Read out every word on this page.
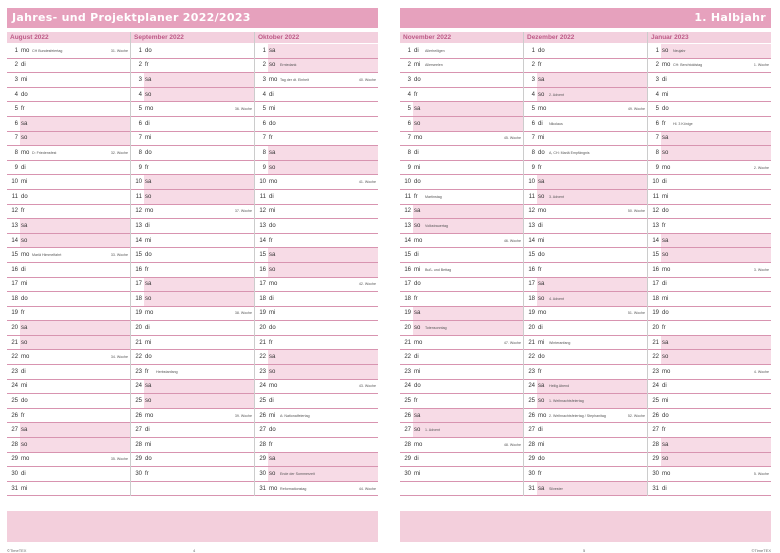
Jahres- und Projektplaner 2022/2023
August 2022
1 mo CH Bundesfeiertag	31. Woche
2 di
3 mi
4 do
5 fr
6 sa
7 so
8 mo D: Friedensfest	32. Woche
9 di
10 mi
11 do
12 fr
13 sa
14 so
15 mo Mariä Himmelfahrt	33. Woche
16 di
17 mi
18 do
19 fr
20 sa
21 so
22 mo	34. Woche
23 di
24 mi
25 do
26 fr
27 sa
28 so
29 mo	35. Woche
30 di
31 mi
September 2022
1 do
2 fr
3 sa
4 so
5 mo	36. Woche
6 di
7 mi
8 do
9 fr
10 sa
11 so
12 mo	37. Woche
13 di
14 mi
15 do
16 fr
17 sa
18 so
19 mo	38. Woche
20 di
21 mi
22 do
23 fr	Herbstanfang
24 sa
25 so
26 mo	39. Woche
27 di
28 mi
29 do
30 fr
Oktober 2022
1 sa
2 so	Erntedank
3 mo Tag der dt. Einheit	40. Woche
4 di
5 mi
6 do
7 fr
8 sa
9 so
10 mo	41. Woche
11 di
12 mi
13 do
14 fr
15 sa
16 so
17 mo	42. Woche
18 di
19 mi
20 do
21 fr
22 sa
23 so
24 mo	43. Woche
25 di
26 mi	A: Nationalfeiertag
27 do
28 fr
29 sa
30 so	Ende der Sommerzeit
31 mo Reformationstag	44. Woche
©TimeTEX	4
1. Halbjahr
November 2022
1 di	Allerheiligen
2 mi	Allerseelen
3 do
4 fr
5 sa
6 so
7 mo	45. Woche
8 di
9 mi
10 do
11 fr	Martinstag
12 sa
13 so	Volkstrauertag
14 mo	46. Woche
15 di
16 mi	Buß- und Bettag
17 do
18 fr
19 sa
20 so	Totensonntag
21 mo	47. Woche
22 di
23 mi
24 do
25 fr
26 sa
27 so	1. Advent
28 mo	48. Woche
29 di
30 mi
Dezember 2022
1 do
2 fr
3 sa
4 so	2. Advent
5 mo	49. Woche
6 di	Nikolaus
7 mi
8 do	A, CH: Mariä Empfängnis
9 fr
10 sa
11 so	3. Advent
12 mo	50. Woche
13 di
14 mi
15 do
16 fr
17 sa
18 so	4. Advent
19 mo	51. Woche
20 di
21 mi	Winteranfang
22 do
23 fr
24 sa	Heilig Abend
25 so	1. Weihnachtsfeiertag
26 mo 2. Weihnachtsfeiertag / Stephanitag	52. Woche
27 di
28 mi
29 do
30 fr
31 sa	Silvester
Januar 2023
1 so	Neujahr
2 mo CH: Berchtoldstag	1. Woche
3 di
4 mi
5 do
6 fr	Hl. 3 Könige
7 sa
8 so
9 mo	2. Woche
10 di
11 mi
12 do
13 fr
14 sa
15 so
16 mo	3. Woche
17 di
18 mi
19 do
20 fr
21 sa
22 so
23 mo	4. Woche
24 di
25 mi
26 do
27 fr
28 sa
29 so
30 mo	5. Woche
31 di
5	©TimeTEX
